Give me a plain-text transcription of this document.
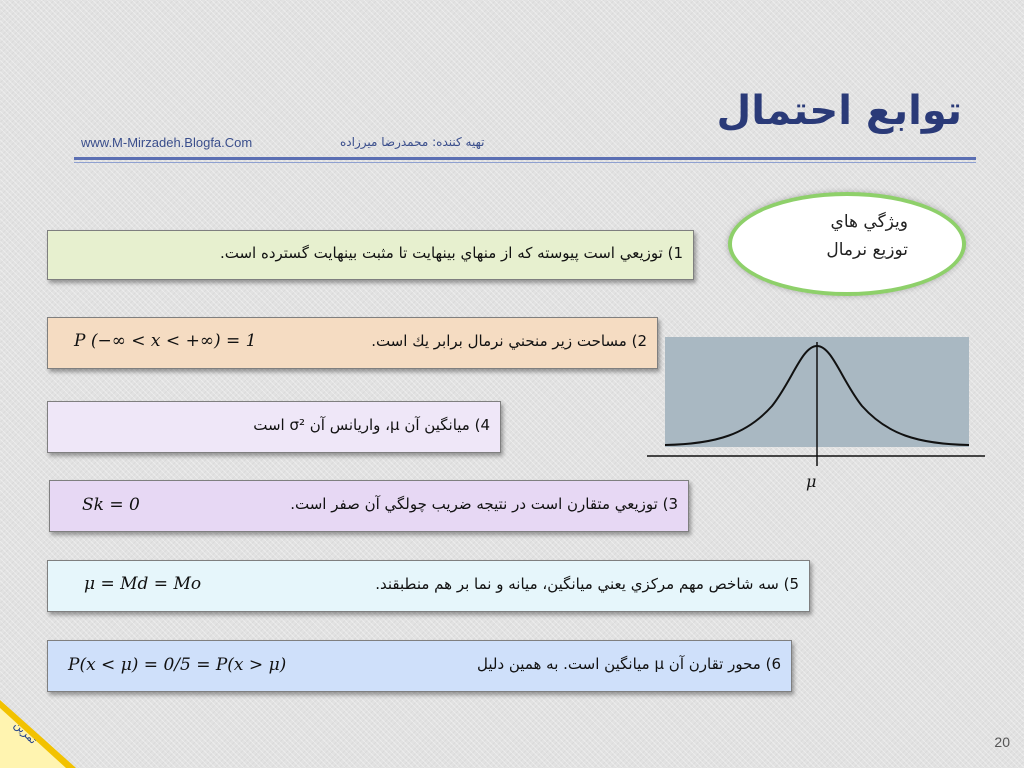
توابع احتمال
www.M-Mirzadeh.Blogfa.Com	تهيه كننده: محمدرضا ميرزاده
ويژگي هاي
توزيع نرمال
1) توزيعي است پيوسته كه از منهاي بينهايت تا مثبت بينهايت گسترده است.
2) مساحت زير منحني نرمال برابر يك است.
P (−∞ < x < +∞) = 1
4) ميانگين آن μ، واريانس آن σ² است
3) توزيعي متقارن است در نتيجه ضريب چولگي آن صفر است.
Sk = 0
5) سه شاخص مهم مركزي يعني ميانگين، ميانه و نما بر هم منطبقند.
μ = Md = Mo
6) محور تقارن آن μ ميانگين است. به همين دليل
P(x < μ) = 0/5 = P(x > μ)
μ
تمرين	20
